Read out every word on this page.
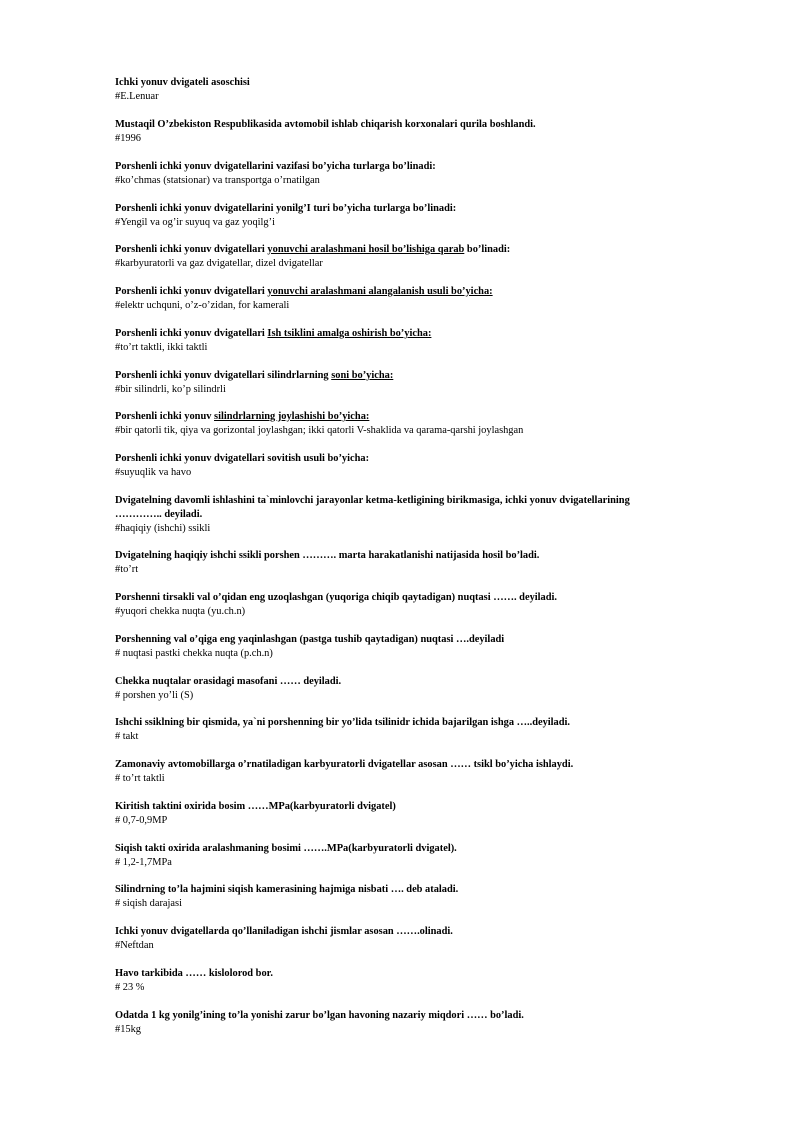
Ichki yonuv dvigateli asoschisi
#E.Lenuar
Mustaqil O’zbekiston Respublikasida avtomobil ishlab chiqarish korxonalari qurila boshlandi.
#1996
Porshenli ichki yonuv dvigatellarini vazifasi bo’yicha turlarga bo’linadi:
#ko’chmas (statsionar) va transportga o’rnatilgan
Porshenli ichki yonuv dvigatellarini yonilg’I turi bo’yicha turlarga bo’linadi:
#Yengil va og’ir suyuq va gaz yoqilg’i
Porshenli ichki yonuv dvigatellari yonuvchi aralashmani hosil bo’lishiga qarab bo’linadi:
#karbyuratorli va gaz dvigatellar, dizel dvigatellar
Porshenli ichki yonuv dvigatellari yonuvchi aralashmani alangalanish usuli bo’yicha:
#elektr uchquni, o’z-o’zidan, for kamerali
Porshenli ichki yonuv dvigatellari Ish tsiklini amalga oshirish bo’yicha:
#to’rt taktli, ikki taktli
Porshenli ichki yonuv dvigatellari silindrlarning soni bo’yicha:
#bir silindrli, ko’p silindrli
Porshenli ichki yonuv silindrlarning joylashishi bo’yicha:
#bir qatorli tik, qiya va gorizontal joylashgan; ikki qatorli V-shaklida va qarama-qarshi joylashgan
Porshenli ichki yonuv dvigatellari sovitish usuli bo’yicha:
#suyuqlik va havo
Dvigatelning davomli ishlashini ta`minlovchi jarayonlar ketma-ketligining birikmasiga, ichki yonuv dvigatellarining
………….. deyiladi.
#haqiqiy (ishchi) ssikli
Dvigatelning haqiqiy ishchi ssikli porshen ………. marta harakatlanishi natijasida hosil bo’ladi.
#to’rt
Porshenni tirsakli val o’qidan eng uzoqlashgan (yuqoriga chiqib qaytadigan) nuqtasi ……. deyiladi.
#yuqori chekka nuqta (yu.ch.n)
Porshenning val o’qiga eng yaqinlashgan (pastga tushib qaytadigan) nuqtasi ….deyiladi
# nuqtasi pastki chekka nuqta (p.ch.n)
Chekka nuqtalar orasidagi masofani …… deyiladi.
# porshen yo’li (S)
Ishchi ssiklning bir qismida, ya`ni porshenning bir yo’lida tsilinidr ichida bajarilgan ishga …..deyiladi.
# takt
Zamonaviy avtomobillarga o’rnatiladigan karbyuratorli dvigatellar asosan …… tsikl bo’yicha ishlaydi.
# to’rt taktli
Kiritish taktini oxirida bosim ……MPa(karbyuratorli dvigatel)
# 0,7-0,9MP
Siqish takti oxirida aralashmaning bosimi …….MPa(karbyuratorli dvigatel).
# 1,2-1,7MPa
Silindrning to’la hajmini siqish kamerasining hajmiga nisbati …. deb ataladi.
# siqish darajasi
Ichki yonuv dvigatellarda qo’llaniladigan ishchi jismlar asosan …….olinadi.
#Neftdan
Havo tarkibida …… kislolorod bor.
# 23 %
Odatda 1 kg yonilg’ining to’la yonishi zarur bo’lgan havoning nazariy miqdori …… bo’ladi.
#15kg
